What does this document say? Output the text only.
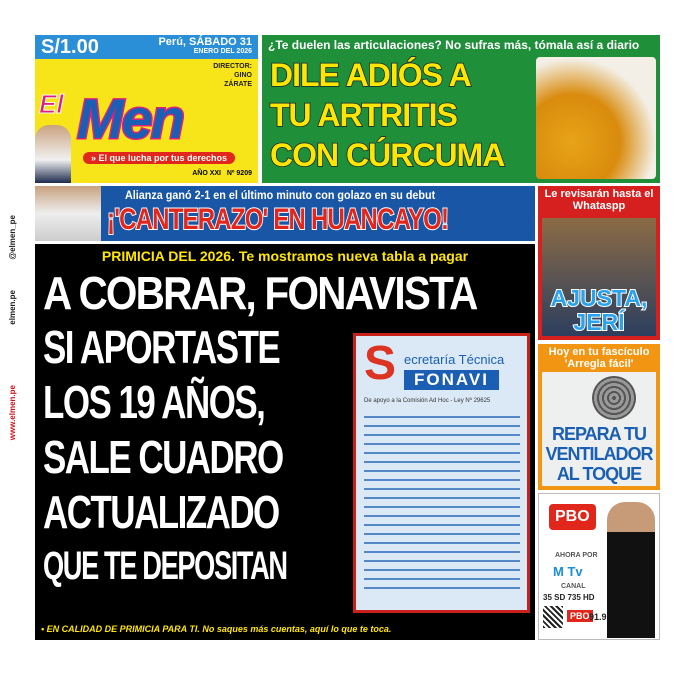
@elmen_pe
elmen.pe
www.elmen.pe
S/1.00	Perú, SÁBADO 31
ENERO DEL 2026
DIRECTOR:
GINO
ZÁRATE
Men
El
» El que lucha por tus derechos
AÑO XXI Nº 9209
¿Te duelen las articulaciones? No sufras más, tómala así a diario
DILE ADIÓS A
TU ARTRITIS
CON CÚRCUMA
Alianza ganó 2-1 en el último minuto con golazo en su debut
¡'CANTERAZO' EN HUANCAYO!
PRIMICIA DEL 2026. Te mostramos nueva tabla a pagar
S ecretaría Técnica
FONAVI
De apoyo a la Comisión Ad Hoc - Ley Nº 29625
A COBRAR, FONAVISTA
SI APORTASTE
LOS 19 AÑOS,
SALE CUADRO
ACTUALIZADO
QUE TE DEPOSITAN
• EN CALIDAD DE PRIMICIA PARA TI. No saques más cuentas, aquí lo que te toca.
Le revisarán hasta el Whataspp
AJUSTA,
JERÍ
Hoy en tu fascículo 'Arregla fácil'
REPARA TU
VENTILADOR
AL TOQUE
PBO
AHORA POR
M Tv
CANAL
35 SD 735 HD
PBO 91.9
